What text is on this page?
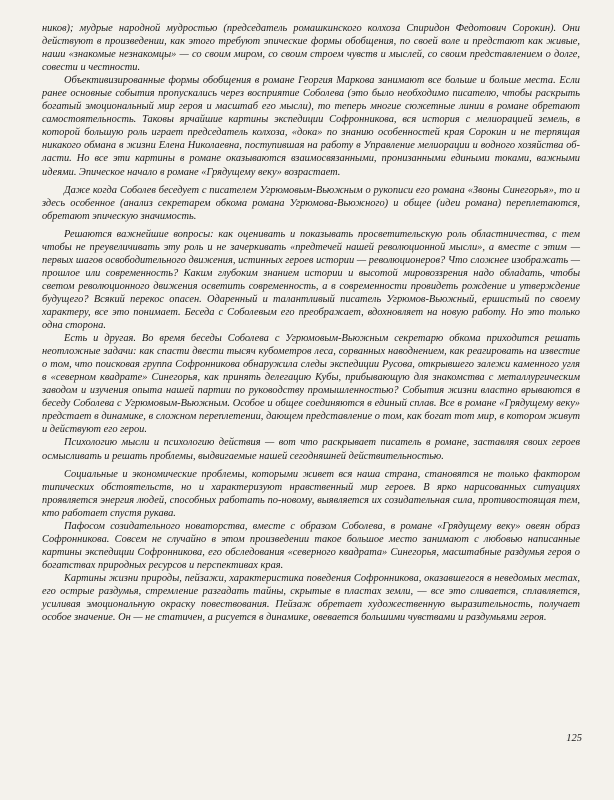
ников); мудрые народной мудростью (председатель ромашкинского колхоза Спиридон Федотович Сорокин). Они действуют в произведении, как этого требуют эпические формы обобщения, по своей воле и предстают как живые, наши «знакомые незнакомцы» — со своим миром, со своим строем чувств и мыслей, со своим представлением о долге, совести и честности.

Объективизированные формы обобщения в романе Георгия Маркова занимают все больше и больше места. Если ранее основные события пропускались через восприятие Соболева (это было необходимо писателю, чтобы раскрыть богатый эмоциональный мир героя и масштаб его мысли), то теперь многие сюжетные линии в романе обретают самостоятельность. Таковы ярчайшие картины экспедиции Софронникова, вся история с мелиорацией земель, в которой большую роль играет председатель колхоза, «дока» по знанию особенностей края Сорокин и не терпящая никакого обмана в жизни Елена Николаевна, поступившая на работу в Управление мелиорации и водного хозяйства области. Но все эти картины в романе оказываются взаимосвязанными, пронизанными едиными токами, важными идеями. Эпическое начало в романе «Грядущему веку» возрастает.

Даже когда Соболев беседует с писателем Угрюмовым-Вьюжным о рукописи его романа «Звоны Синегорья», то и здесь особенное (анализ секретарем обкома романа Угрюмова-Вьюжного) и общее (идеи романа) переплетаются, обретают эпическую значимость.

Решаются важнейшие вопросы: как оценивать и показывать просветительскую роль областничества, с тем чтобы не преувеличивать эту роль и не зачеркивать «предтечей нашей революционной мысли», а вместе с этим — первых шагов освободительного движения, истинных героев истории — революционеров? Что сложнее изображать — прошлое или современность? Каким глубоким знанием истории и высотой мировоззрения надо обладать, чтобы светом революционного движения осветить современность, а в современности провидеть рождение и утверждение будущего? Всякий перекос опасен. Одаренный и талантливый писатель Угрюмов-Вьюжный, ершистый по своему характеру, все это понимает. Беседа с Соболевым его преображает, вдохновляет на новую работу. Но это только одна сторона.

Есть и другая. Во время беседы Соболева с Угрюмовым-Вьюжным секретарю обкома приходится решать неотложные задачи: как спасти двести тысяч кубометров леса, сорванных наводнением, как реагировать на известие о том, что поисковая группа Софронникова обнаружила следы экспедиции Русова, открывшего залежи каменного угля в «северном квадрате» Синегорья, как принять делегацию Кубы, прибывающую для знакомства с металлургическим заводом и изучения опыта нашей партии по руководству промышленностью? События жизни властно врываются в беседу Соболева с Угрюмовым-Вьюжным. Особое и общее соединяются в единый сплав. Все в романе «Грядущему веку» предстает в динамике, в сложном переплетении, дающем представление о том, как богат тот мир, в котором живут и действуют его герои.

Психологию мысли и психологию действия — вот что раскрывает писатель в романе, заставляя своих героев осмысливать и решать проблемы, выдвигаемые нашей сегодняшней действительностью.

Социальные и экономические проблемы, которыми живет вся наша страна, становятся не только фактором типических обстоятельств, но и характеризуют нравственный мир героев. В ярко нарисованных ситуациях проявляется энергия людей, способных работать по-новому, выявляется их созидательная сила, противостоящая тем, кто работает спустя рукава.

Пафосом созидательного новаторства, вместе с образом Соболева, в романе «Грядущему веку» овеян образ Софронникова. Совсем не случайно в этом произведении такое большое место занимают с любовью написанные картины экспедиции Софронникова, его обследования «северного квадрата» Синегорья, масштабные раздумья героя о богатствах природных ресурсов и перспективах края.

Картины жизни природы, пейзажи, характеристика поведения Софронникова, оказавшегося в неведомых местах, его острые раздумья, стремление разгадать тайны, скрытые в пластах земли, — все это сливается, сплавляется, усиливая эмоциональную окраску повествования. Пейзаж обретает художественную выразительность, получает особое значение. Он — не статичен, а рисуется в динамике, овевается большими чувствами и раздумьями героя.

125
